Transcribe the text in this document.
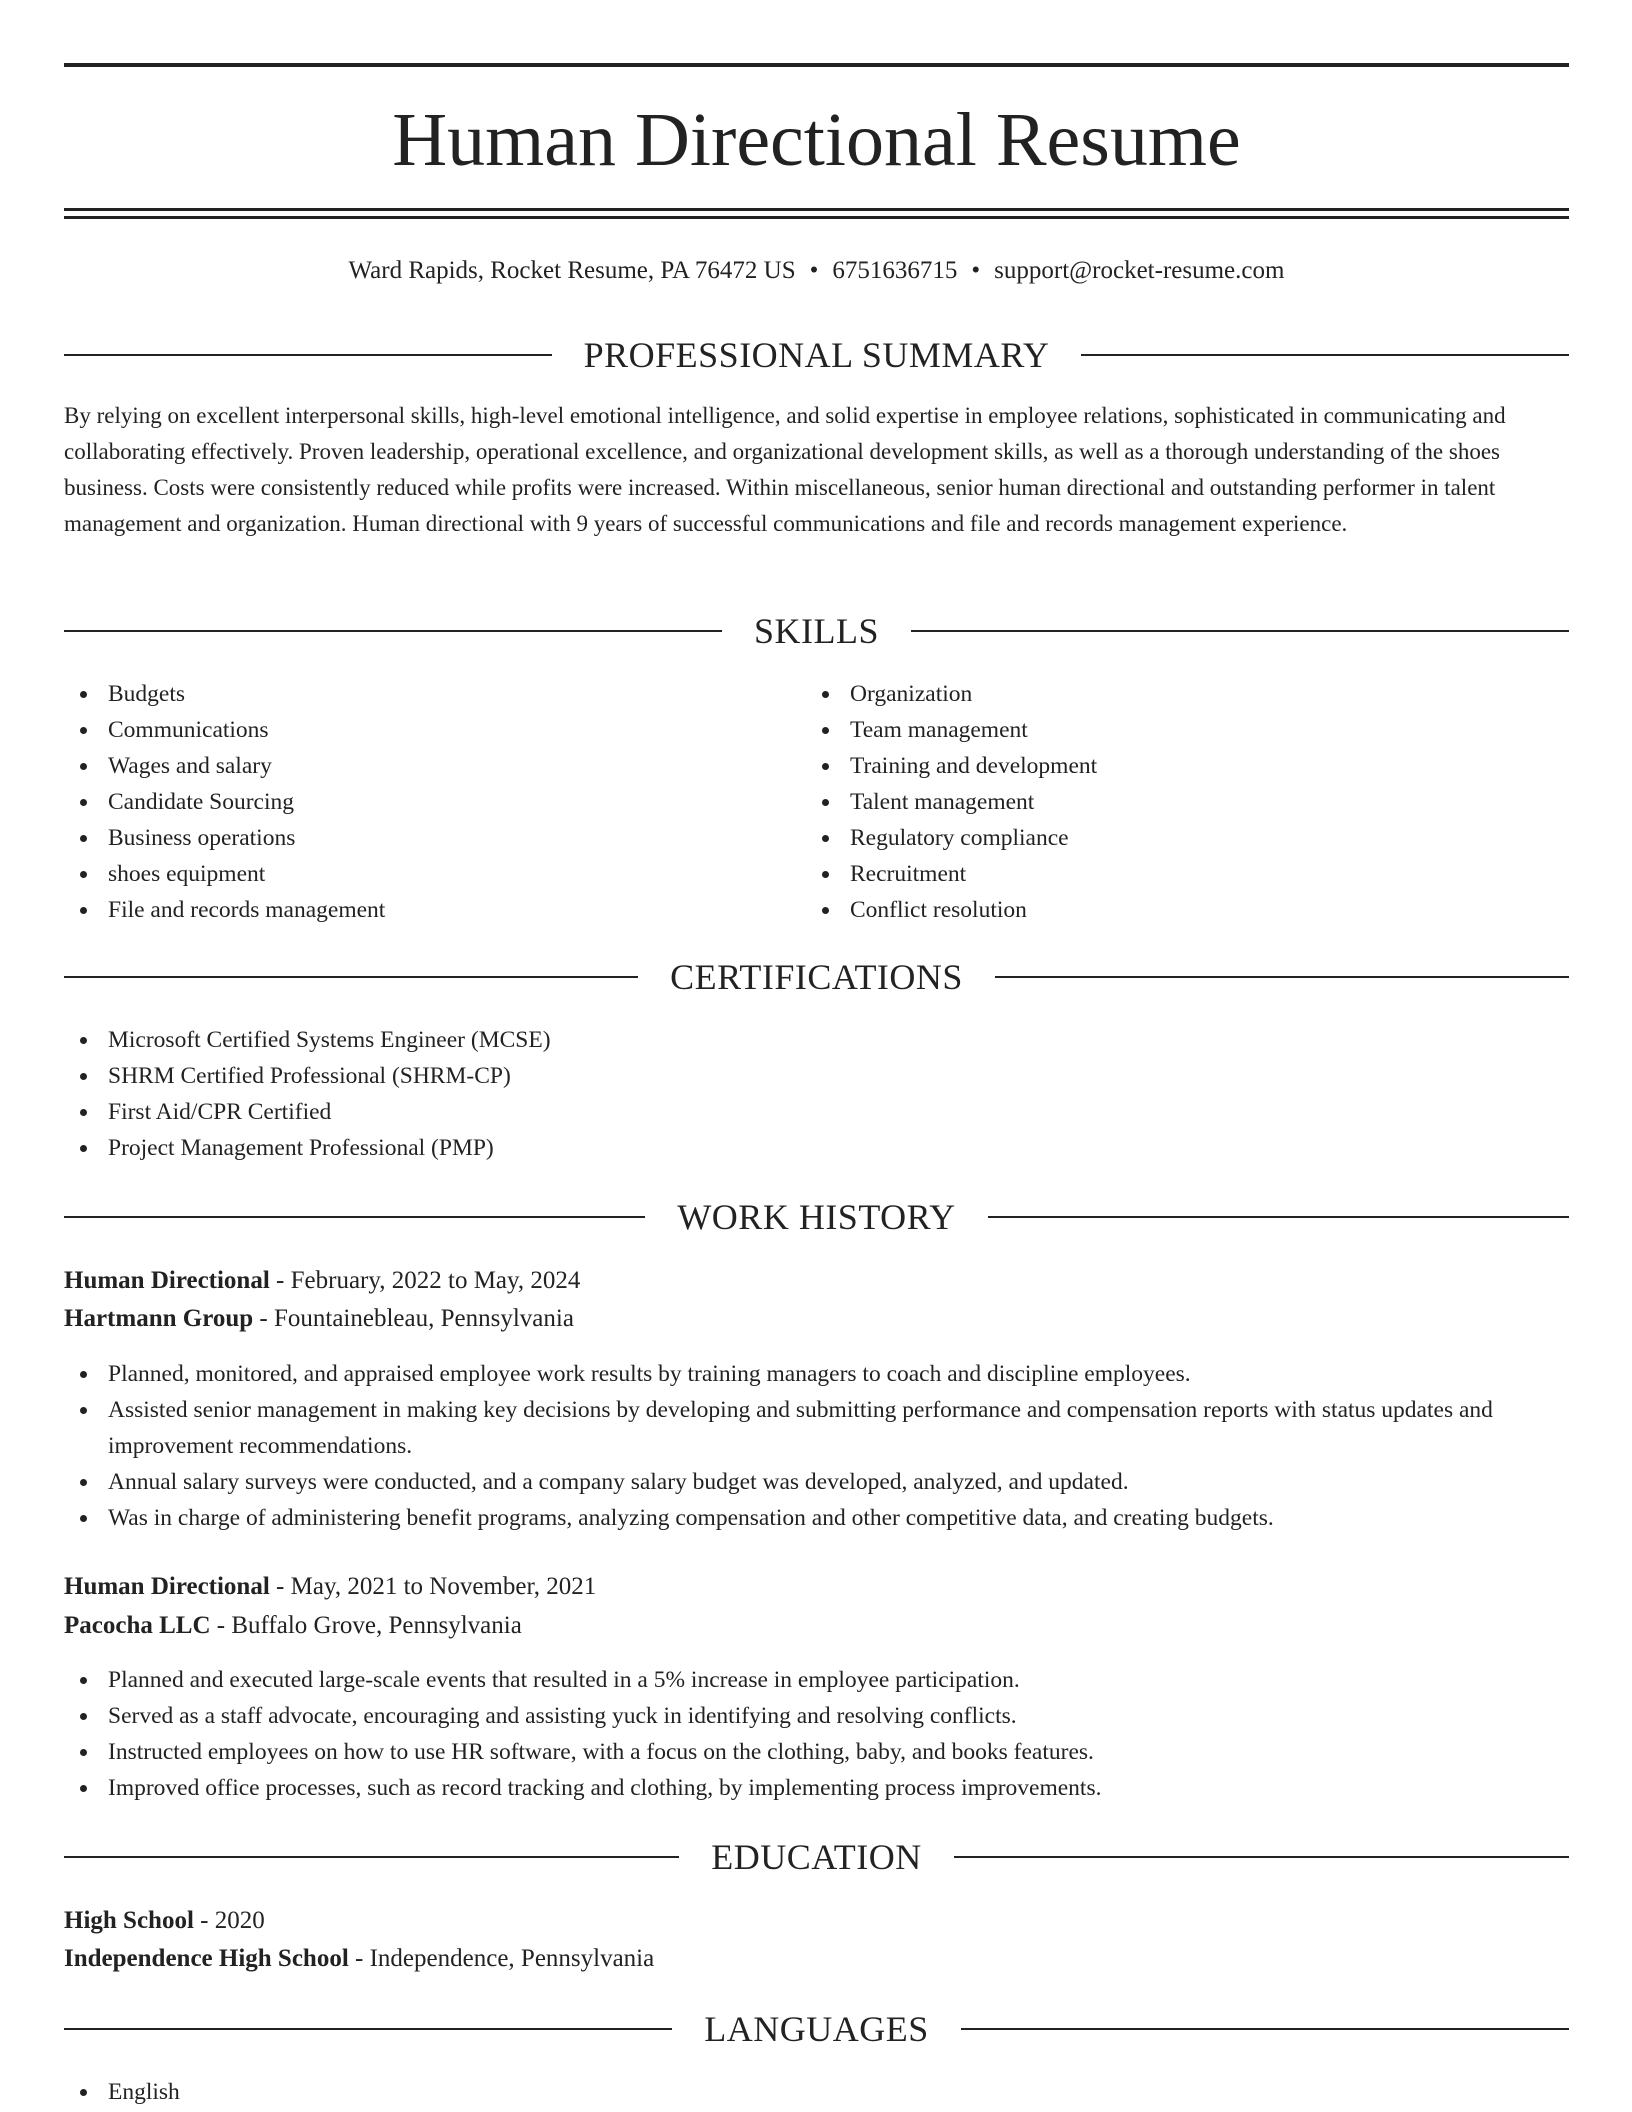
Human Directional Resume
Ward Rapids, Rocket Resume, PA 76472 US • 6751636715 • support@rocket-resume.com
PROFESSIONAL SUMMARY
By relying on excellent interpersonal skills, high-level emotional intelligence, and solid expertise in employee relations, sophisticated in communicating and collaborating effectively. Proven leadership, operational excellence, and organizational development skills, as well as a thorough understanding of the shoes business. Costs were consistently reduced while profits were increased. Within miscellaneous, senior human directional and outstanding performer in talent management and organization. Human directional with 9 years of successful communications and file and records management experience.
SKILLS
Budgets
Communications
Wages and salary
Candidate Sourcing
Business operations
shoes equipment
File and records management
Organization
Team management
Training and development
Talent management
Regulatory compliance
Recruitment
Conflict resolution
CERTIFICATIONS
Microsoft Certified Systems Engineer (MCSE)
SHRM Certified Professional (SHRM-CP)
First Aid/CPR Certified
Project Management Professional (PMP)
WORK HISTORY
Human Directional - February, 2022 to May, 2024
Hartmann Group - Fountainebleau, Pennsylvania
Planned, monitored, and appraised employee work results by training managers to coach and discipline employees.
Assisted senior management in making key decisions by developing and submitting performance and compensation reports with status updates and improvement recommendations.
Annual salary surveys were conducted, and a company salary budget was developed, analyzed, and updated.
Was in charge of administering benefit programs, analyzing compensation and other competitive data, and creating budgets.
Human Directional - May, 2021 to November, 2021
Pacocha LLC - Buffalo Grove, Pennsylvania
Planned and executed large-scale events that resulted in a 5% increase in employee participation.
Served as a staff advocate, encouraging and assisting yuck in identifying and resolving conflicts.
Instructed employees on how to use HR software, with a focus on the clothing, baby, and books features.
Improved office processes, such as record tracking and clothing, by implementing process improvements.
EDUCATION
High School - 2020
Independence High School - Independence, Pennsylvania
LANGUAGES
English
